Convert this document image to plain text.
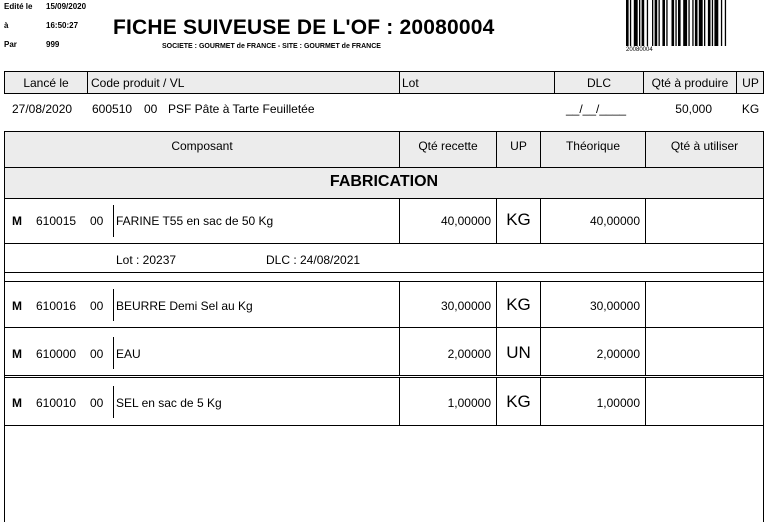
Edité le 15/09/2020
à	16:50:27
Par	999
FICHE SUIVEUSE DE L'OF : 20080004
SOCIETE : GOURMET de FRANCE - SITE : GOURMET de FRANCE	20080004
Lancé le	Code produit / VL	Lot	DLC	Qté à produire	UP
27/08/2020 600510 00 PSF Pâte à Tarte Feuilletée	__/__/____	50,000	KG
Composant	Qté recette	UP	Théorique	Qté à utiliser
FABRICATION
M 610015 00 FARINE T55 en sac de 50 Kg	40,00000 KG	40,00000
Lot : 20237	DLC : 24/08/2021
M 610016 00 BEURRE Demi Sel au Kg	30,00000 KG	30,00000
M 610000 00 EAU	2,00000 UN	2,00000
M 610010 00 SEL en sac de 5 Kg	1,00000 KG	1,00000
